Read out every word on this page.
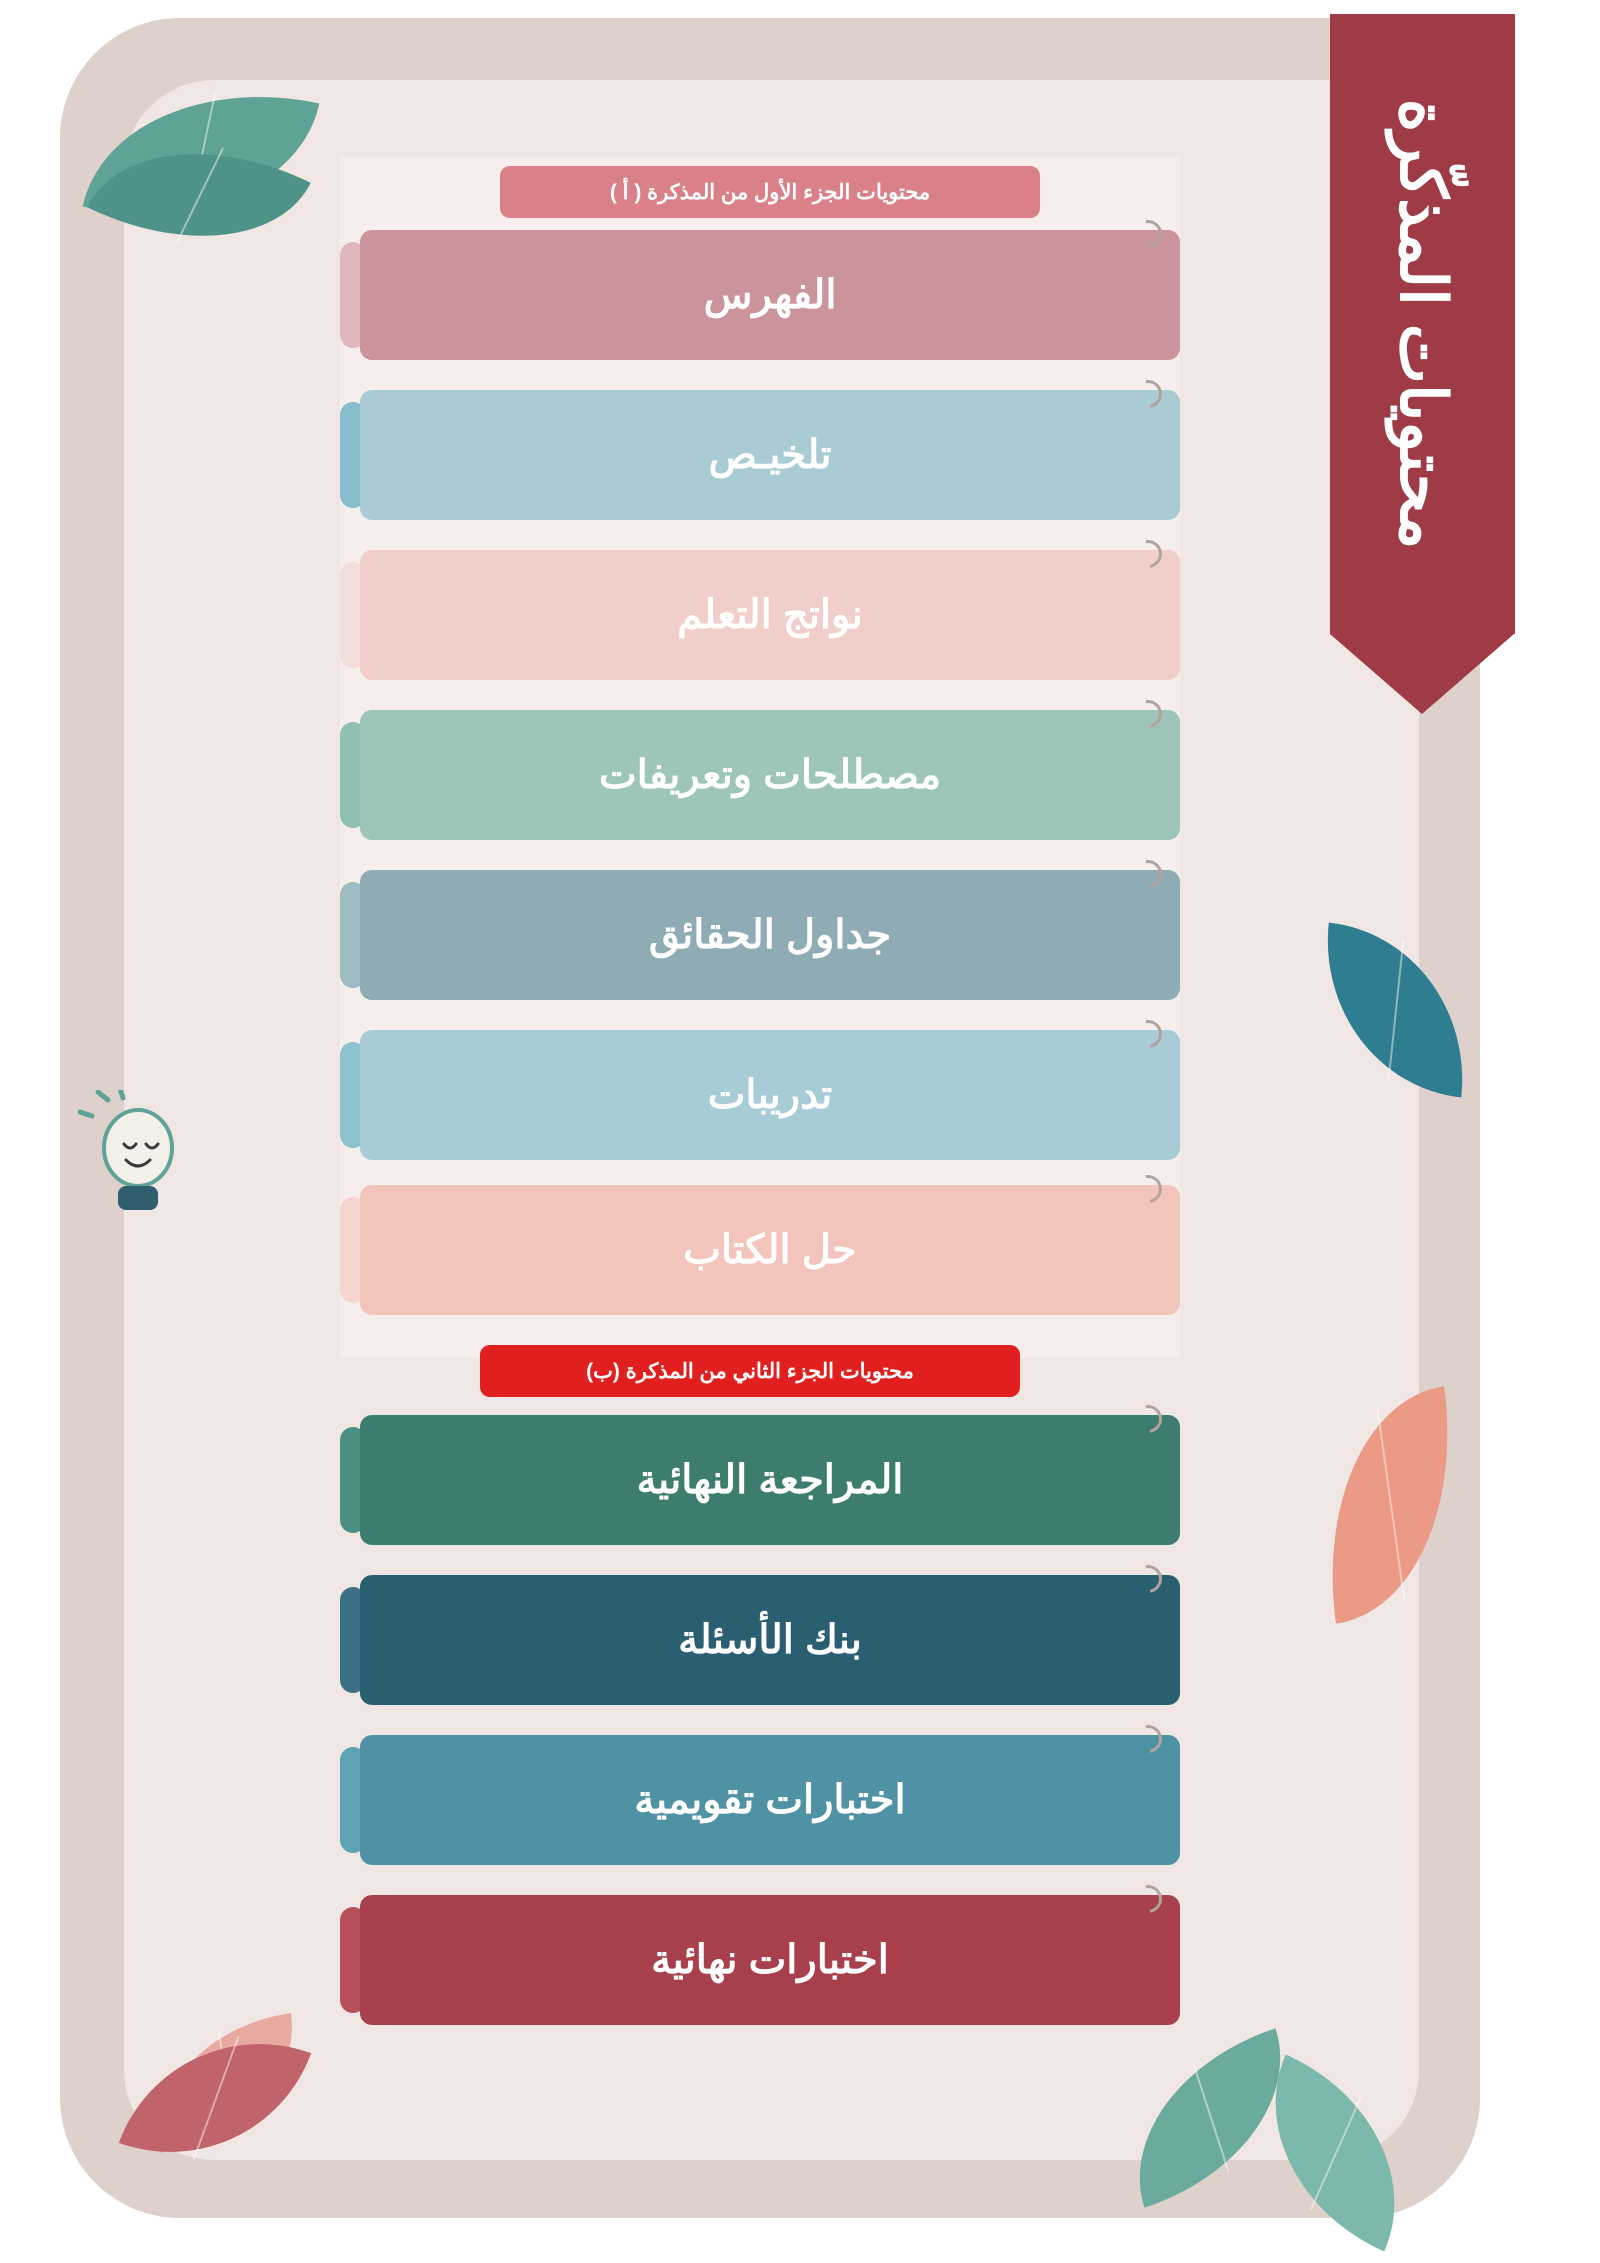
محتويات المذكّرة
محتويات الجزء الأول من المذكرة ( أ )
الفهرس
تلخيـص
نواتج التعلم
مصطلحات وتعريفات
جداول الحقائق
تدريبات
حل الكتاب
محتويات الجزء الثاني من المذكرة (ب)
المراجعة النهائية
بنك الأسئلة
اختبارات تقويمية
اختبارات نهائية
